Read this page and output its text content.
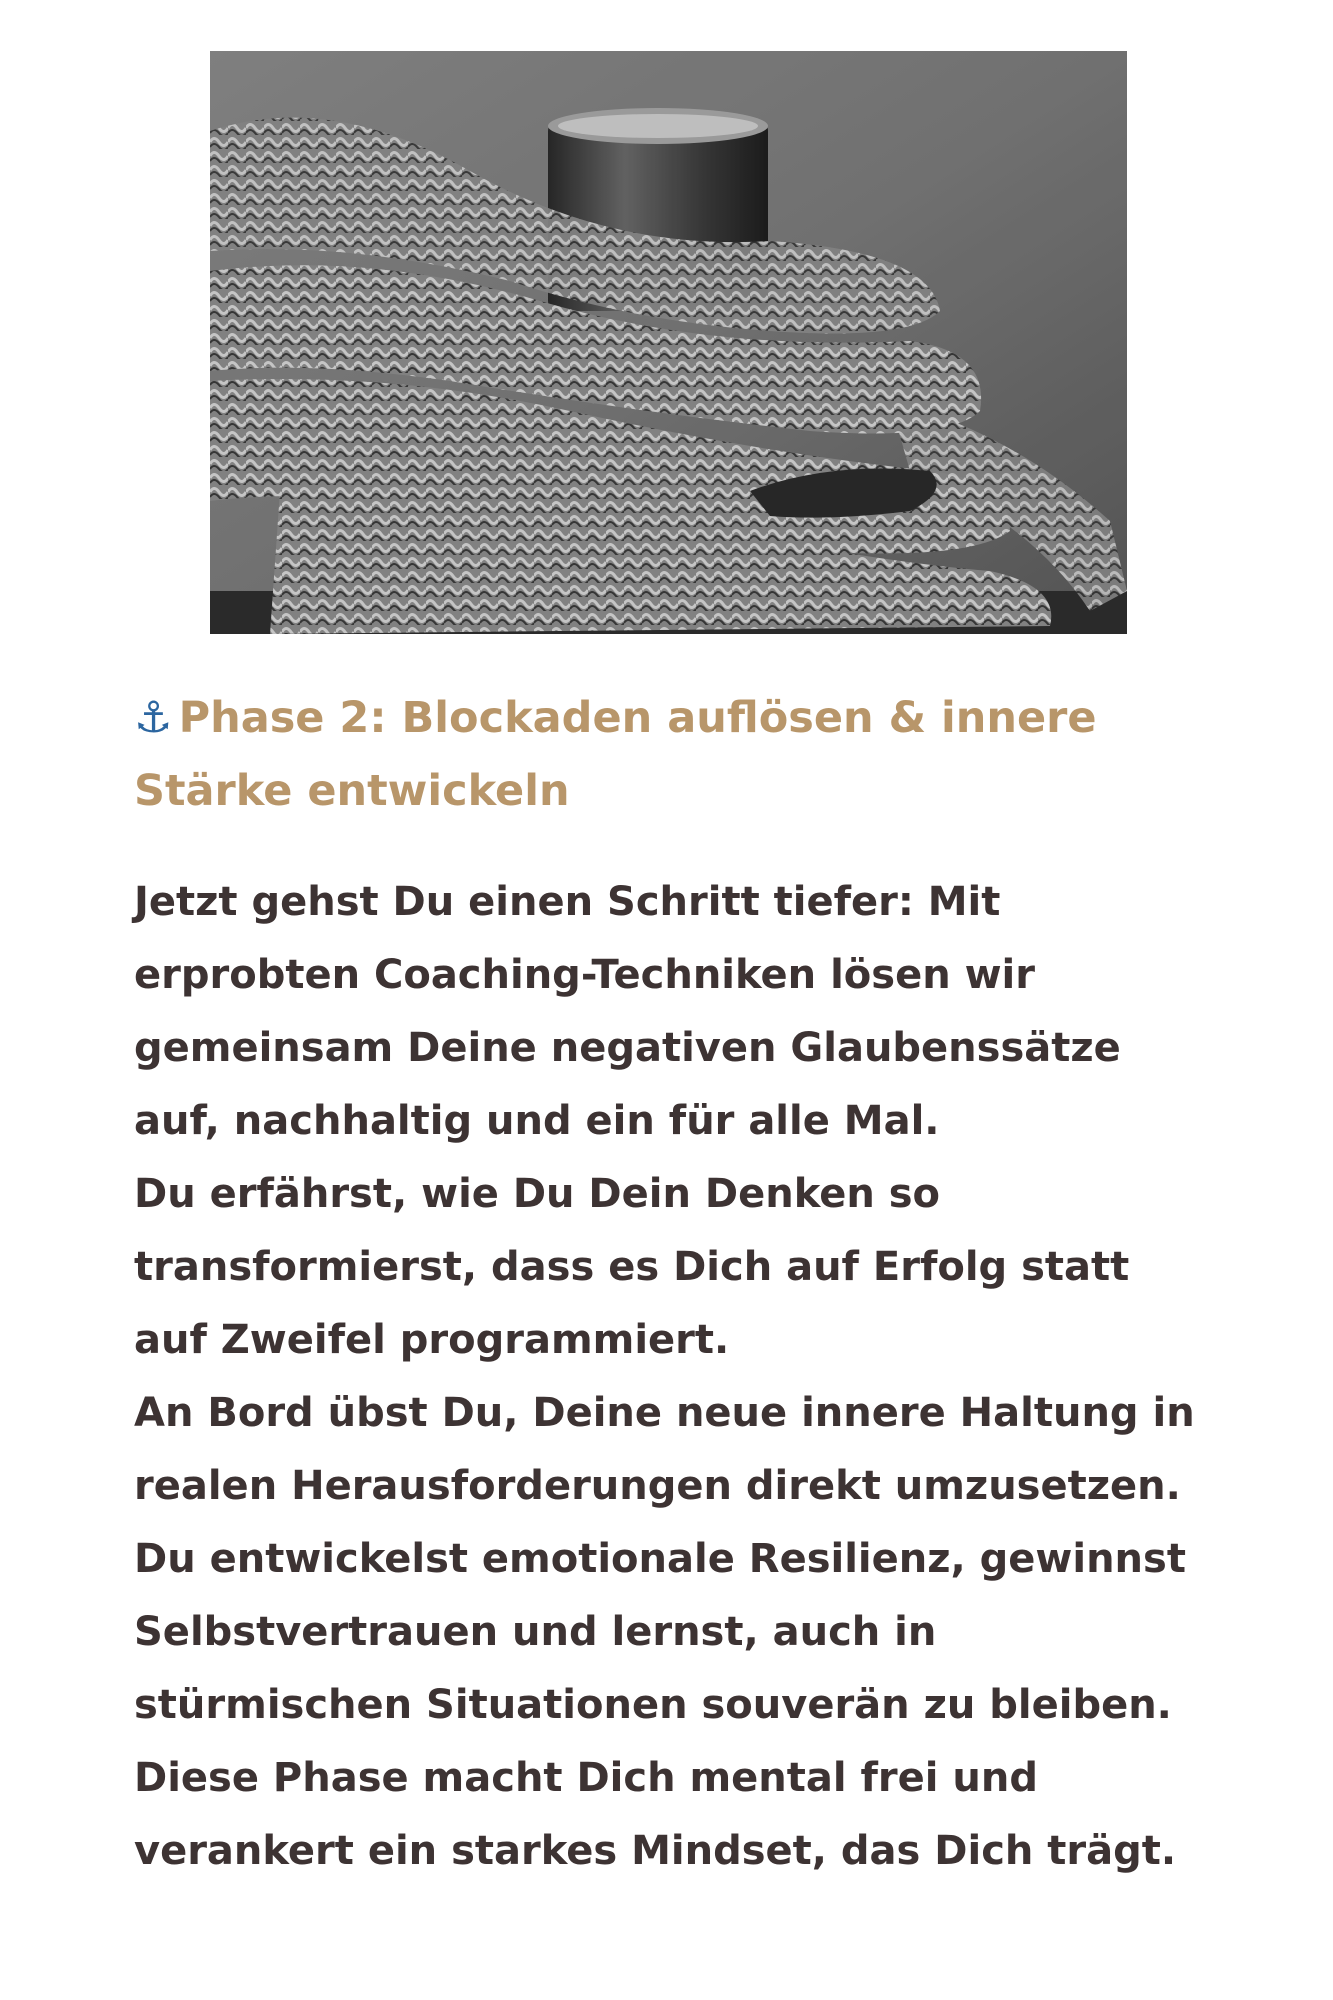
⚓ Phase 2: Blockaden auflösen & innere Stärke entwickeln

Jetzt gehst Du einen Schritt tiefer: Mit erprobten Coaching-Techniken lösen wir gemeinsam Deine negativen Glaubenssätze auf, nachhaltig und ein für alle Mal.

Du erfährst, wie Du Dein Denken so transformierst, dass es Dich auf Erfolg statt auf Zweifel programmiert.

An Bord übst Du, Deine neue innere Haltung in realen Herausforderungen direkt umzusetzen.

Du entwickelst emotionale Resilienz, gewinnst Selbstvertrauen und lernst, auch in stürmischen Situationen souverän zu bleiben.

Diese Phase macht Dich mental frei und verankert ein starkes Mindset, das Dich trägt.
